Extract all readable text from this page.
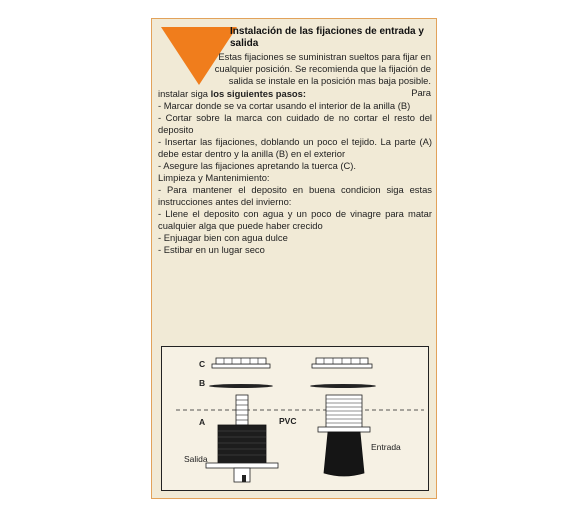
Instalación de las fijaciones de entrada y salida
Estas fijaciones se suministran sueltos para fijar en cualquier posición. Se recomienda que la fijación de salida se instale en la posición mas baja posible. Para

instalar siga los siguientes pasos:

- Marcar donde se va cortar usando el interior de la anilla (B)

- Cortar sobre la marca con cuidado de no cortar el resto del deposito

- Insertar las fijaciones, doblando un poco el tejido. La parte (A) debe estar dentro y la anilla (B) en el exterior

- Asegure las fijaciones apretando la tuerca (C).

Limpieza y Mantenimiento:

- Para mantener el deposito en buena condicion siga estas instrucciones antes del invierno:

- Llene el deposito con agua y un poco de vinagre para matar cualquier alga que puede haber crecido

- Enjuagar bien con agua dulce

- Estibar en un lugar seco

C
B
A	PVC
Salida
Entrada
